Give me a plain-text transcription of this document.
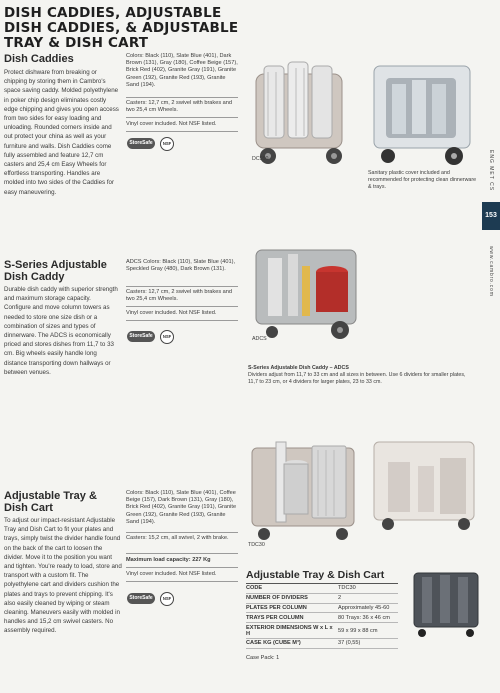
DISH CADDIES, ADJUSTABLE DISH CADDIES, & ADJUSTABLE TRAY & DISH CART
ENG MET CS
153
www.cambro.com
Dish Caddies
Protect dishware from breaking or chipping by storing them in Cambro's space saving caddy. Molded polyethylene in poker chip design eliminates costly edge chipping and gives you open access from two sides for easy loading and unloading. Rounded corners inside and out protect your china as well as your furniture and walls. Dish Caddies come fully assembled and feature 12,7 cm casters and 25,4 cm Easy Wheels for effortless transporting. Handles are molded into two sides of the Caddies for easy maneuvering.
Colors: Black (110), Slate Blue (401), Dark Brown (131), Gray (180), Coffee Beige (157), Brick Red (402), Granite Gray (191), Granite Green (192), Granite Red (193), Granite Sand (194).
Casters: 12,7 cm, 2 swivel with brakes and two 25,4 cm Wheels.
Vinyl cover included. Not NSF listed.
StoreSafe	NSF
DC950
Sanitary plastic cover included and recommended for protecting clean dinnerware & trays.
S-Series Adjustable Dish Caddy
Durable dish caddy with superior strength and maximum storage capacity. Configure and move column towers as needed to store one size dish or a combination of sizes and types of dinnerware. The ADCS is economically priced and stores dishes from 11,7 to 33 cm. Big wheels easily handle long distance transporting down hallways or between venues.
ADCS Colors: Black (110), Slate Blue (401), Speckled Gray (480), Dark Brown (131).
Casters: 12,7 cm, 2 swivel with brakes and two 25,4 cm Wheels.
Vinyl cover included. Not NSF listed.
StoreSafe	NSF	ADCS
S-Series Adjustable Dish Caddy – ADCS
Dividers adjust from 11,7 to 33 cm and all sizes in between. Use 6 dividers for smaller plates, 11,7 to 23 cm, or 4 dividers for larger plates, 23 to 33 cm.
Adjustable Tray & Dish Cart
To adjust our impact-resistant Adjustable Tray and Dish Cart to fit your plates and trays, simply twist the divider handle found on the back of the cart to loosen the divider. Move it to the position you want and tighten. You're ready to load, store and transport with a custom fit. The polyethylene cart and dividers cushion the plates and trays to prevent chipping. It's also easily cleaned by wiping or steam cleaning. Maneuvers easily with molded in handles and 15,2 cm swivel casters. No assembly required.
Colors: Black (110), Slate Blue (401), Coffee Beige (157), Dark Brown (131), Gray (180), Brick Red (402), Granite Gray (191), Granite Green (192), Granite Red (193), Granite Sand (194).
Casters: 15,2 cm, all swivel, 2 with brake.
Maximum load capacity: 227 Kg
Vinyl cover included. Not NSF listed.
StoreSafe	NSF
TDC30
Adjustable Tray & Dish Cart
CODE	TDC30
NUMBER OF DIVIDERS	2
PLATES PER COLUMN	Approximately 45-60
TRAYS PER COLUMN	80 Trays: 36 x 46 cm
EXTERIOR DIMENSIONS W x L x H	59 x 99 x 88 cm
CASE KG (CUBE M³)	37 (0,55)
Case Pack: 1
